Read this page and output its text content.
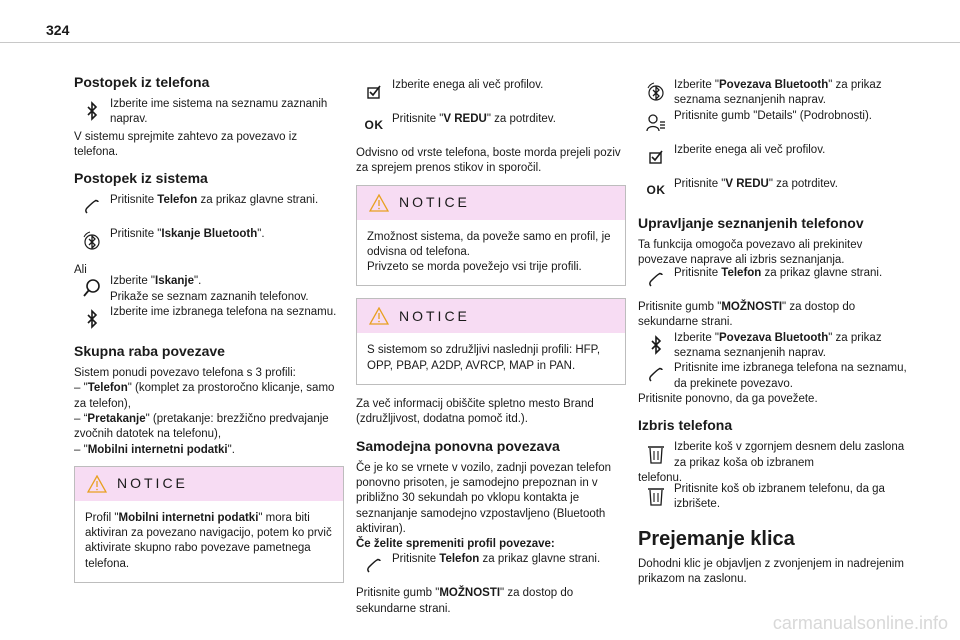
324
Postopek iz telefona
Izberite ime sistema na seznamu zaznanih naprav.

V sistemu sprejmite zahtevo za povezavo iz telefona.

Postopek iz sistema
Pritisnite Telefon za prikaz glavne strani.
Pritisnite "Iskanje Bluetooth".

Ali

Izberite "Iskanje".
Prikaže se seznam zaznanih telefonov.
Izberite ime izbranega telefona na seznamu.
Skupna raba povezave

Sistem ponudi povezavo telefona s 3 profili:

– "Telefon" (komplet za prostoročno klicanje, samo za telefon),

– “Pretakanje" (pretakanje: brezžično predvajanje zvočnih datotek na telefonu),

– "Mobilni internetni podatki".

NOTICE
Profil "Mobilni internetni podatki" mora biti aktiviran za povezano navigacijo, potem ko prvič aktivirate skupno rabo povezave pametnega telefona.
Izberite enega ali več profilov.
OK Pritisnite "V REDU" za potrditev.

Odvisno od vrste telefona, boste morda prejeli poziv za sprejem prenos stikov in sporočil.

NOTICE
Zmožnost sistema, da poveže samo en profil, je odvisna od telefona.
Privzeto se morda povežejo vsi trije profili.
NOTICE
S sistemom so združljivi naslednji profili: HFP, OPP, PBAP, A2DP, AVRCP, MAP in PAN.

Za več informacij obiščite spletno mesto Brand (združljivost, dodatna pomoč itd.).

Samodejna ponovna povezava

Če je ko se vrnete v vozilo, zadnji povezan telefon ponovno prisoten, je samodejno prepoznan in v približno 30 sekundah po vklopu kontakta je seznanjanje samodejno vzpostavljeno (Bluetooth aktiviran).

Če želite spremeniti profil povezave:

Pritisnite Telefon za prikaz glavne strani.

Pritisnite gumb "MOŽNOSTI" za dostop do sekundarne strani.

Izberite "Povezava Bluetooth" za prikaz seznama seznanjenih naprav.
Pritisnite gumb "Details" (Podrobnosti).
Izberite enega ali več profilov.
OK Pritisnite "V REDU" za potrditev.
Upravljanje seznanjenih telefonov

Ta funkcija omogoča povezavo ali prekinitev povezave naprave ali izbris seznanjanja.

Pritisnite Telefon za prikaz glavne strani.

Pritisnite gumb "MOŽNOSTI" za dostop do sekundarne strani.

Izberite "Povezava Bluetooth" za prikaz seznama seznanjenih naprav.
Pritisnite ime izbranega telefona na seznamu, da prekinete povezavo.

Pritisnite ponovno, da ga povežete.

Izbris telefona
Izberite koš v zgornjem desnem delu zaslona za prikaz koša ob izbranem

telefonu.

Pritisnite koš ob izbranem telefonu, da ga izbrišete.
Prejemanje klica

Dohodni klic je objavljen z zvonjenjem in nadrejenim prikazom na zaslonu.

carmanualsonline.info
